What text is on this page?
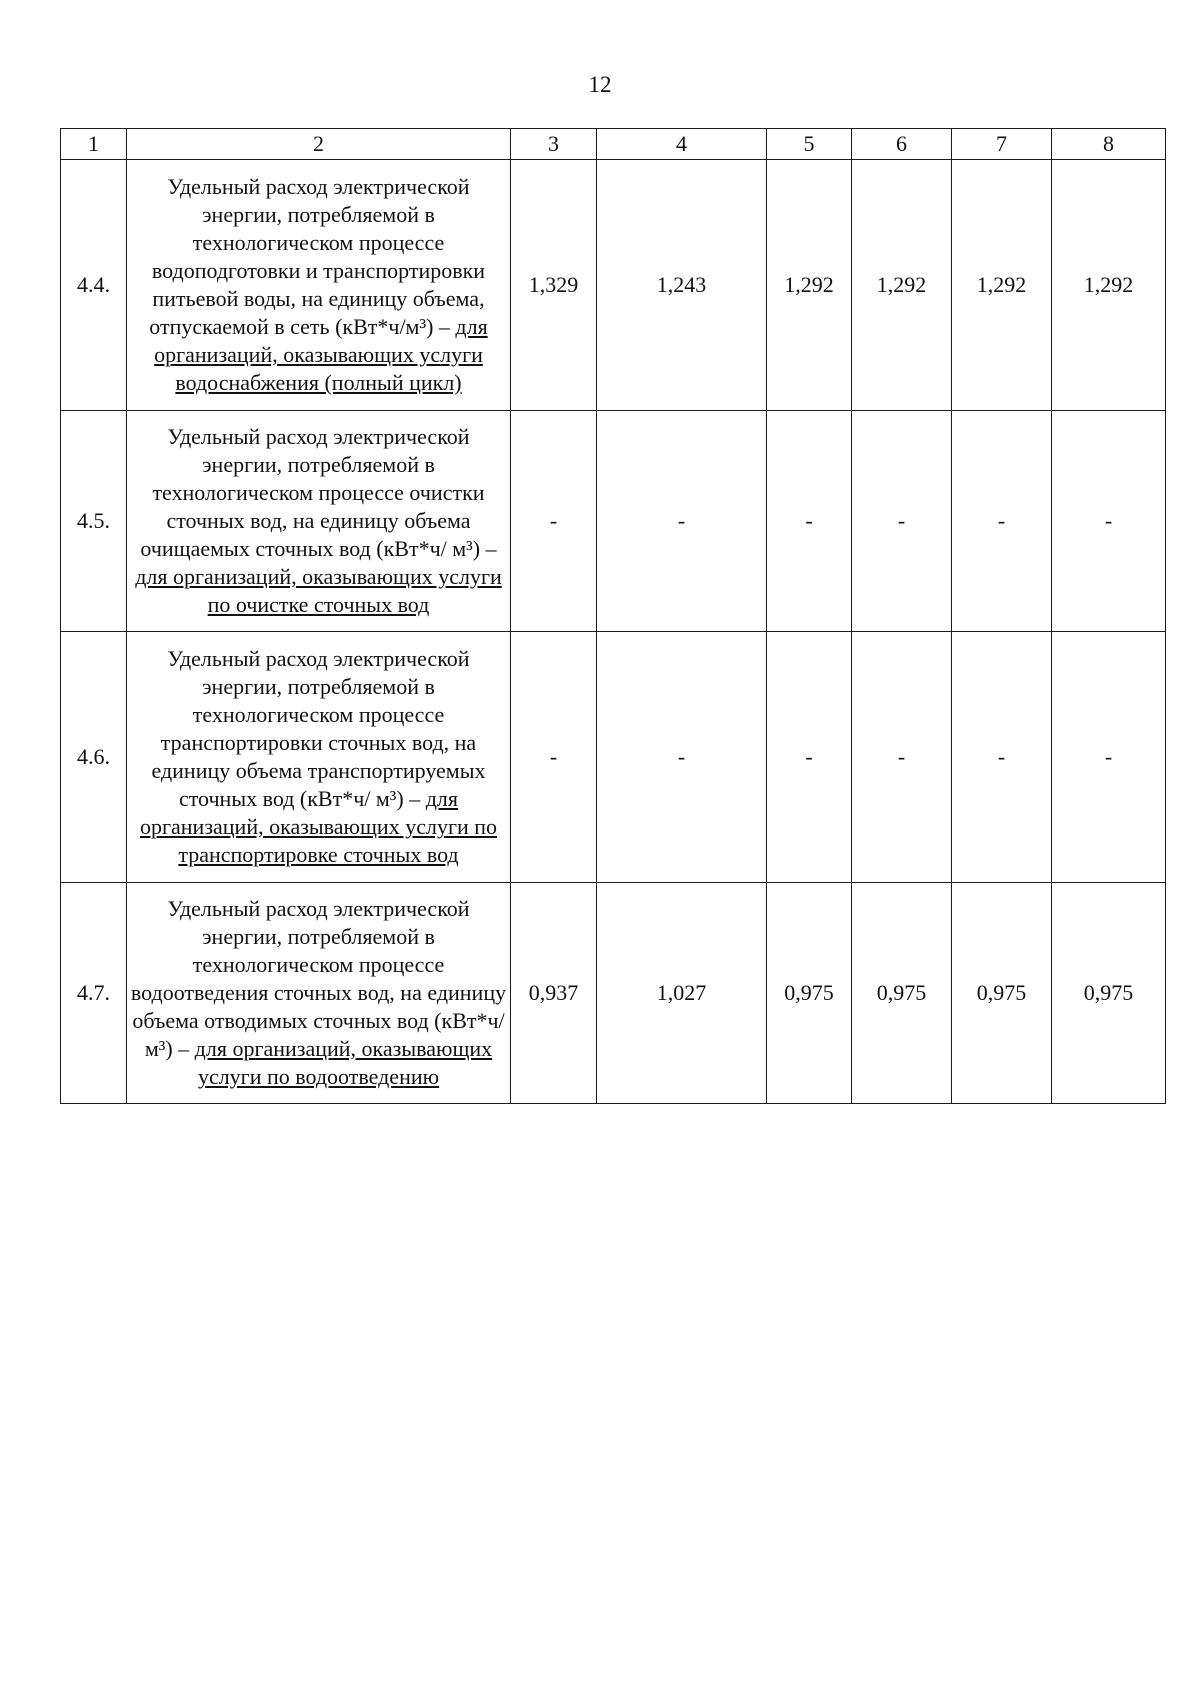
12
1	2	3	4	5	6	7	8
4.4.	Удельный расход электрической энергии, потребляемой в технологическом процессе водоподготовки и транспортировки питьевой воды, на единицу объема, отпускаемой в сеть (кВт*ч/м³) – для организаций, оказывающих услуги водоснабжения (полный цикл)	1,329	1,243	1,292	1,292	1,292	1,292
4.5.	Удельный расход электрической энергии, потребляемой в технологическом процессе очистки сточных вод, на единицу объема очищаемых сточных вод (кВт*ч/ м³) – для организаций, оказывающих услуги по очистке сточных вод	-	-	-	-	-	-
4.6.	Удельный расход электрической энергии, потребляемой в технологическом процессе транспортировки сточных вод, на единицу объема транспортируемых сточных вод (кВт*ч/ м³) – для организаций, оказывающих услуги по транспортировке сточных вод	-	-	-	-	-	-
4.7.	Удельный расход электрической энергии, потребляемой в технологическом процессе водоотведения сточных вод, на единицу объема отводимых сточных вод (кВт*ч/ м³) – для организаций, оказывающих услуги по водоотведению	0,937	1,027	0,975	0,975	0,975	0,975
